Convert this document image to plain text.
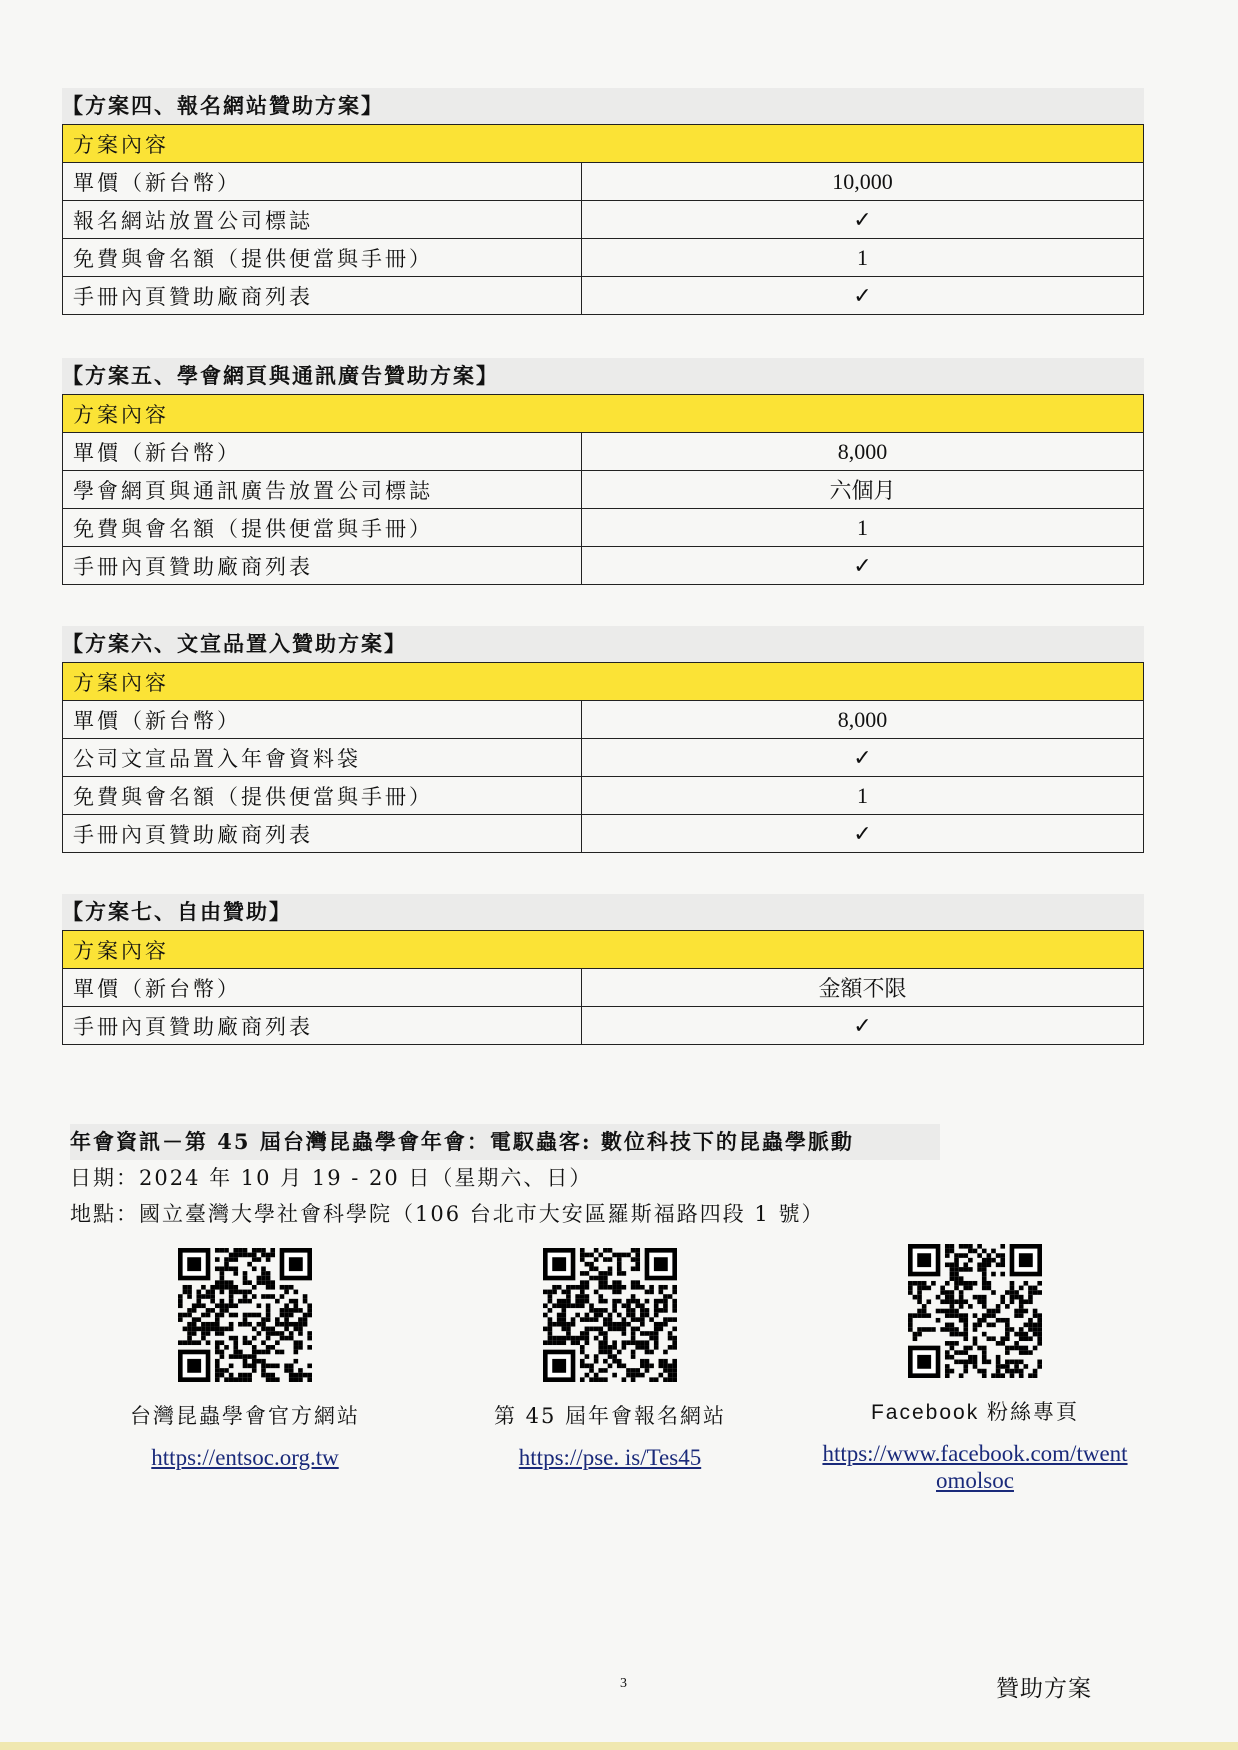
【方案四、報名網站贊助方案】
方案內容	
單價（新台幣）	10,000
報名網站放置公司標誌	✓
免費與會名額（提供便當與手冊）	1
手冊內頁贊助廠商列表	✓
【方案五、學會網頁與通訊廣告贊助方案】
方案內容	
單價（新台幣）	8,000
學會網頁與通訊廣告放置公司標誌	六個月
免費與會名額（提供便當與手冊）	1
手冊內頁贊助廠商列表	✓
【方案六、文宣品置入贊助方案】
方案內容	
單價（新台幣）	8,000
公司文宣品置入年會資料袋	✓
免費與會名額（提供便當與手冊）	1
手冊內頁贊助廠商列表	✓
【方案七、自由贊助】
方案內容	
單價（新台幣）	金額不限
手冊內頁贊助廠商列表	✓
年會資訊－第 45 屆台灣昆蟲學會年會：電馭蟲客: 數位科技下的昆蟲學脈動
日期：2024 年 10 月 19 - 20 日（星期六、日）
地點：國立臺灣大學社會科學院（106 台北市大安區羅斯福路四段 1 號）
台灣昆蟲學會官方網站
https://entsoc.org.tw
第 45 屆年會報名網站
https://pse. is/Tes45
Facebook 粉絲專頁
https://www.facebook.com/twent
omolsoc
3	贊助方案
